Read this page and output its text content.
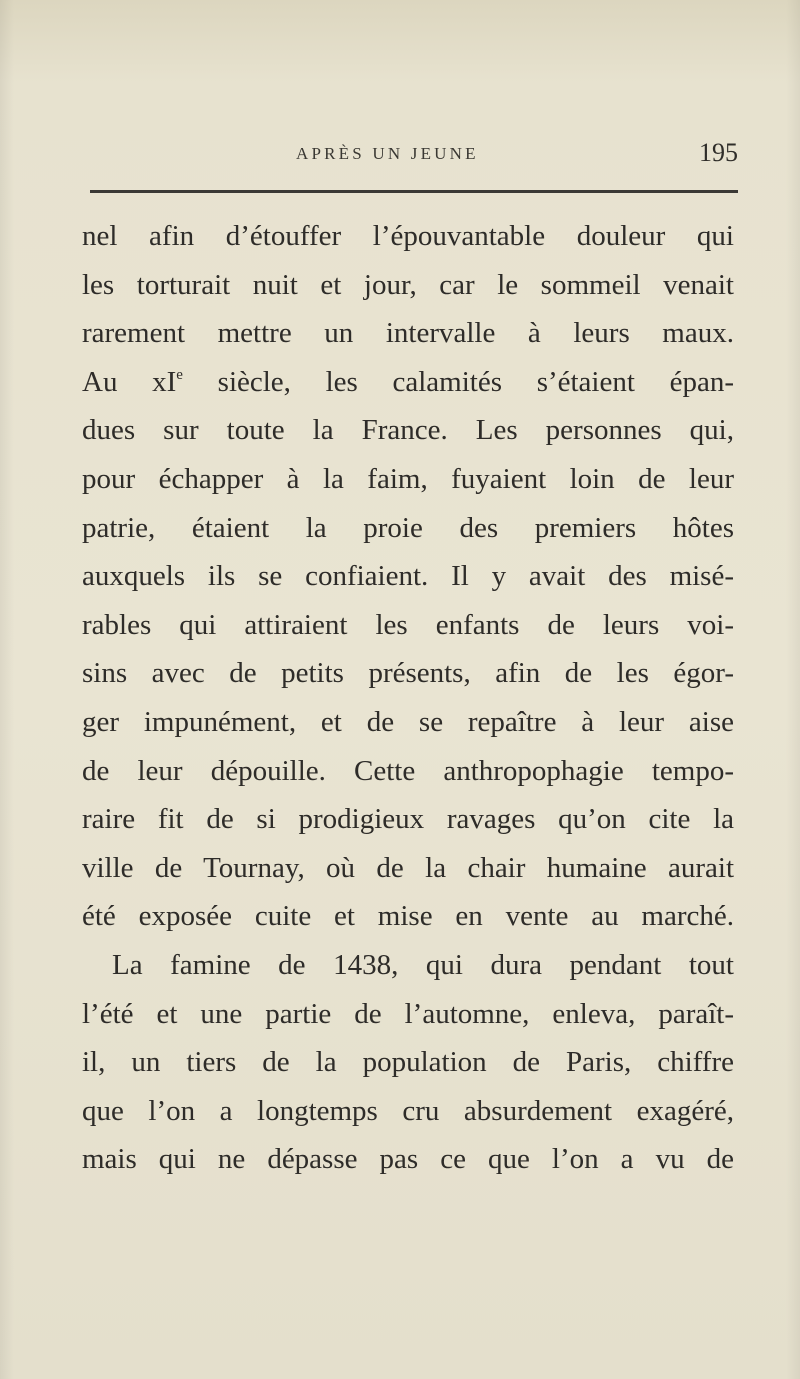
APRÈS UN JEUNE	195
nel afin d’étouffer l’épouvantable douleur qui
les torturait nuit et jour, car le sommeil venait
rarement mettre un intervalle à leurs maux.
Au $xI^e$ siècle, les calamités s’étaient épan-
dues sur toute la France. Les personnes qui,
pour échapper à la faim, fuyaient loin de leur
patrie, étaient la proie des premiers hôtes
auxquels ils se confiaient. Il y avait des misé-
rables qui attiraient les enfants de leurs voi-
sins avec de petits présents, afin de les égor-
ger impunément, et de se repaître à leur aise
de leur dépouille. Cette anthropophagie tempo-
raire fit de si prodigieux ravages qu’on cite la
ville de Tournay, où de la chair humaine aurait
été exposée cuite et mise en vente au marché.
La famine de 1438, qui dura pendant tout
l’été et une partie de l’automne, enleva, paraît-
il, un tiers de la population de Paris, chiffre
que l’on a longtemps cru absurdement exagéré,
mais qui ne dépasse pas ce que l’on a vu de
